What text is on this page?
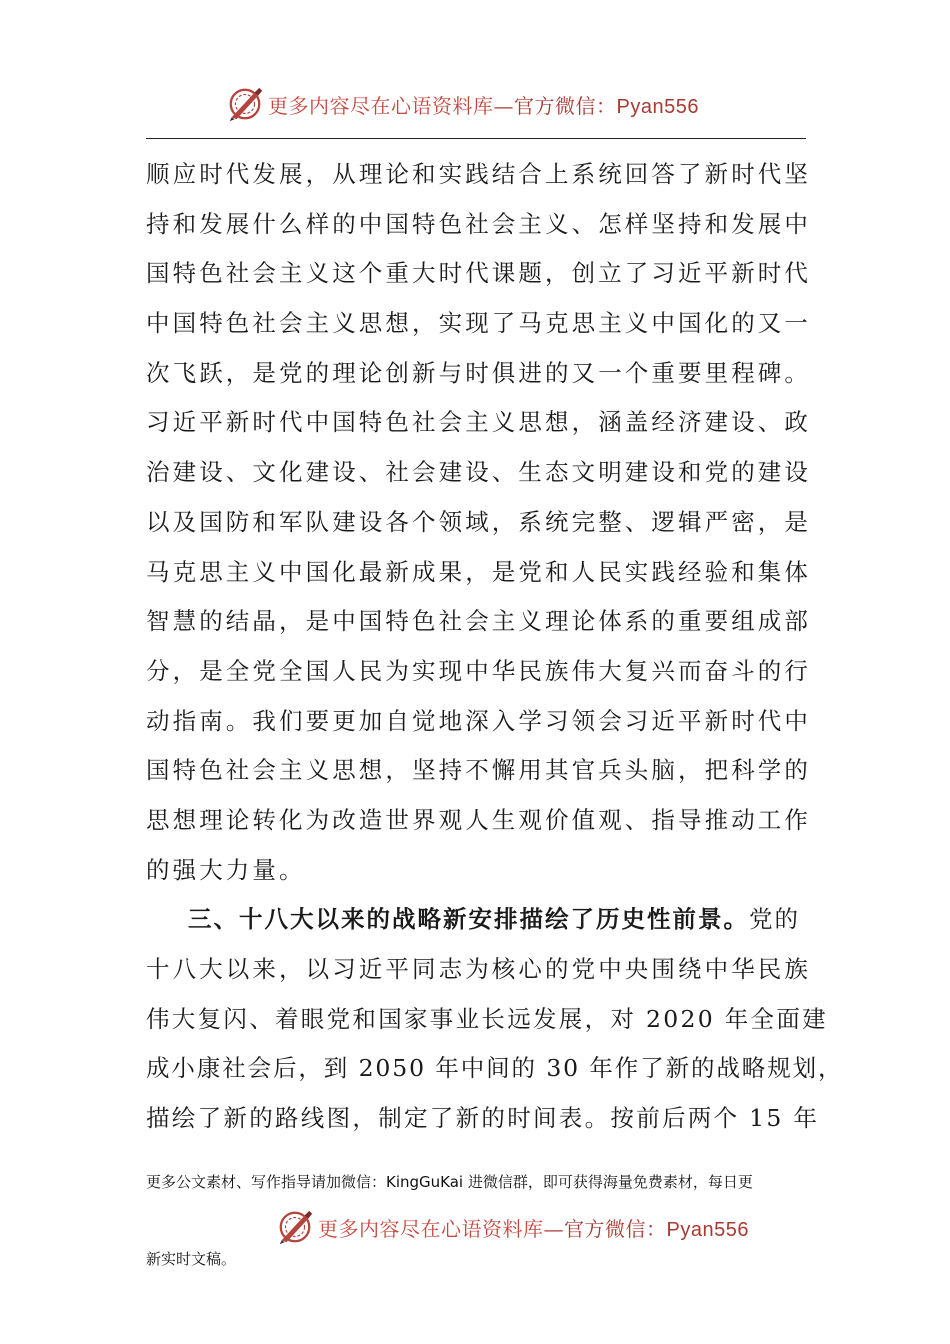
更多内容尽在心语资料库—官方微信：Pyan556
顺应时代发展，从理论和实践结合上系统回答了新时代坚
持和发展什么样的中国特色社会主义、怎样坚持和发展中
国特色社会主义这个重大时代课题，创立了习近平新时代
中国特色社会主义思想，实现了马克思主义中国化的又一
次飞跃，是党的理论创新与时俱进的又一个重要里程碑。
习近平新时代中国特色社会主义思想，涵盖经济建设、政
治建设、文化建设、社会建设、生态文明建设和党的建设
以及国防和军队建设各个领域，系统完整、逻辑严密，是
马克思主义中国化最新成果，是党和人民实践经验和集体
智慧的结晶，是中国特色社会主义理论体系的重要组成部
分，是全党全国人民为实现中华民族伟大复兴而奋斗的行
动指南。我们要更加自觉地深入学习领会习近平新时代中
国特色社会主义思想，坚持不懈用其官兵头脑，把科学的
思想理论转化为改造世界观人生观价值观、指导推动工作
的强大力量。
三、十八大以来的战略新安排描绘了历史性前景。党的
十八大以来，以习近平同志为核心的党中央围绕中华民族
伟大复闪、着眼党和国家事业长远发展，对 2020 年全面建
成小康社会后，到 2050 年中间的 30 年作了新的战略规划，
描绘了新的路线图，制定了新的时间表。按前后两个 15 年
更多公文素材、写作指导请加微信：KingGuKai 进微信群，即可获得海量免费素材，每日更
更多内容尽在心语资料库—官方微信：Pyan556
新实时文稿。
